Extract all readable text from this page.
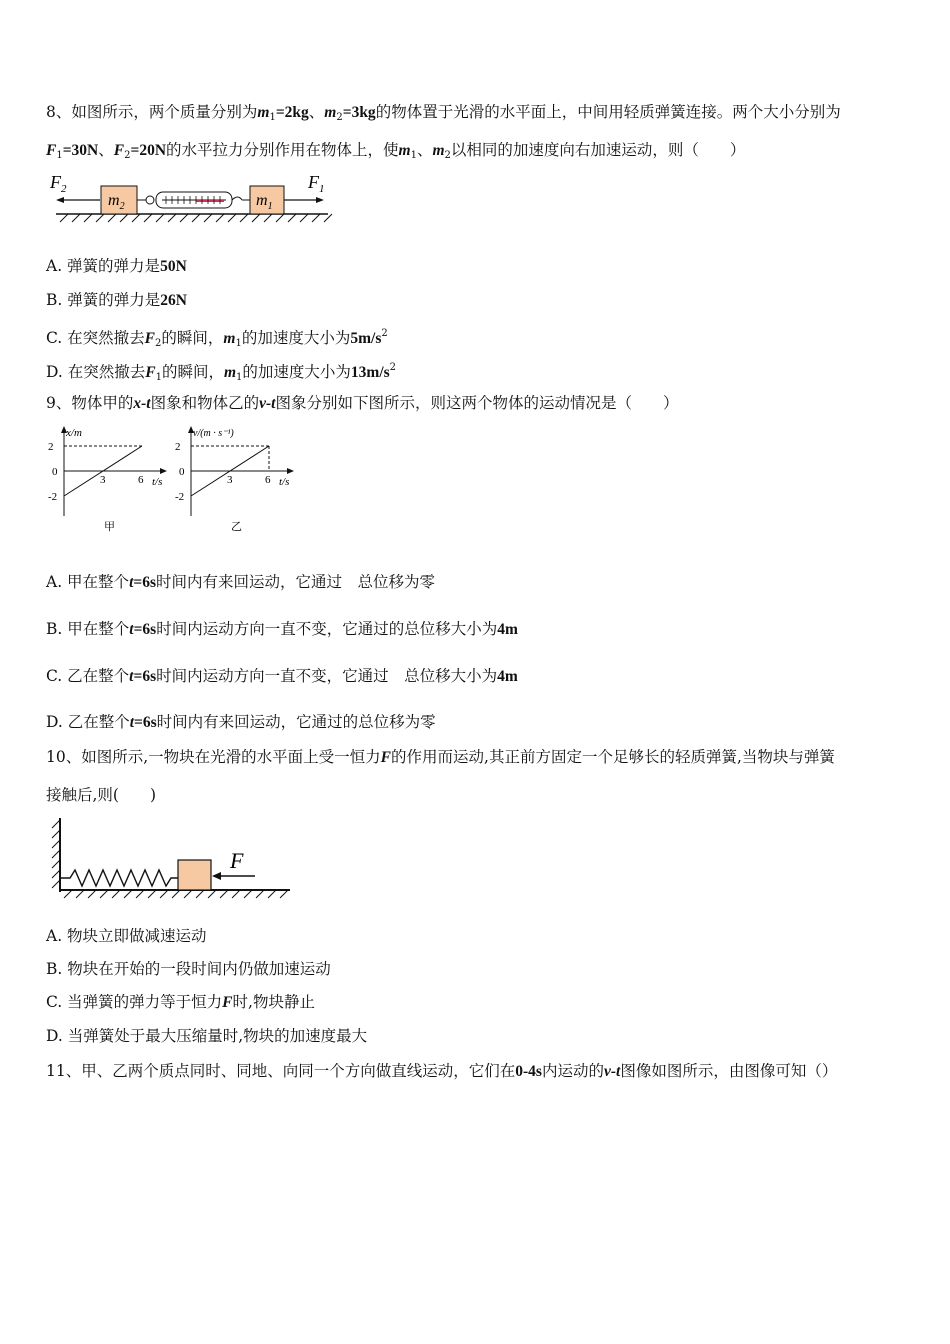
8、如图所示，两个质量分别为$m_1=2kg$、$m_2=3kg$的物体置于光滑的水平面上，中间用轻质弹簧连接。两个大小分别为
$F_1=30N$、$F_2=20N$的水平拉力分别作用在物体上，使$m_1$、$m_2$以相同的加速度向右加速运动，则（　　）
$F_2$
$m_2$	$m_1$
$F_1$
A. 弹簧的弹力是50N
B. 弹簧的弹力是26N
C. 在突然撤去$F_2$的瞬间，$m_1$的加速度大小为$5m/s^2$
D. 在突然撤去$F_1$的瞬间，$m_1$的加速度大小为$13m/s^2$
9、物体甲的x-t图象和物体乙的v-t图象分别如下图所示，则这两个物体的运动情况是（　　）
x/m
2
0
-2
3	6 t/s
甲
v/(m · s⁻¹)
2
0
-2
3	6 t/s
乙
A. 甲在整个t=6s时间内有来回运动，它通过　总位移为零
B. 甲在整个t=6s时间内运动方向一直不变，它通过的总位移大小为4m
C. 乙在整个t=6s时间内运动方向一直不变，它通过　总位移大小为4m
D. 乙在整个t=6s时间内有来回运动，它通过的总位移为零
10、如图所示,一物块在光滑的水平面上受一恒力F的作用而运动,其正前方固定一个足够长的轻质弹簧,当物块与弹簧
接触后,则(　　)
F
A. 物块立即做减速运动
B. 物块在开始的一段时间内仍做加速运动
C. 当弹簧的弹力等于恒力F时,物块静止
D. 当弹簧处于最大压缩量时,物块的加速度最大
11、甲、乙两个质点同时、同地、向同一个方向做直线运动，它们在0-4s内运动的v-t图像如图所示，由图像可知（）
